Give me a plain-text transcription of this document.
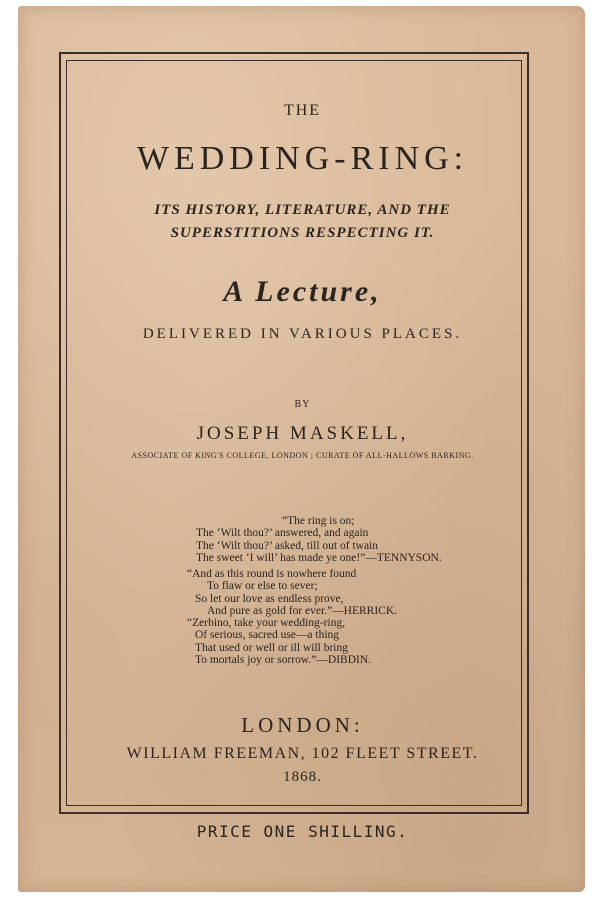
THE
WEDDING-RING:
ITS HISTORY, LITERATURE, AND THE
SUPERSTITIONS RESPECTING IT.
A Lecture,
DELIVERED IN VARIOUS PLACES.
BY
JOSEPH MASKELL,
ASSOCIATE OF KING'S COLLEGE, LONDON ; CURATE OF ALL-HALLOWS BARKING.
“The ring is on;
The ‘Wilt thou?’ answered, and again
The ‘Wilt thou?’ asked, till out of twain
The sweet ‘I will’ has made ye one!”—TENNYSON.
“And as this round is nowhere found
To flaw or else to sever;
So let our love as endless prove,
And pure as gold for ever.”—HERRICK.
“Zerbino, take your wedding-ring,
Of serious, sacred use—a thing
That used or well or ill will bring
To mortals joy or sorrow.”—DIBDIN.
LONDON:
WILLIAM FREEMAN, 102 FLEET STREET.
1868.
PRICE ONE SHILLING.
